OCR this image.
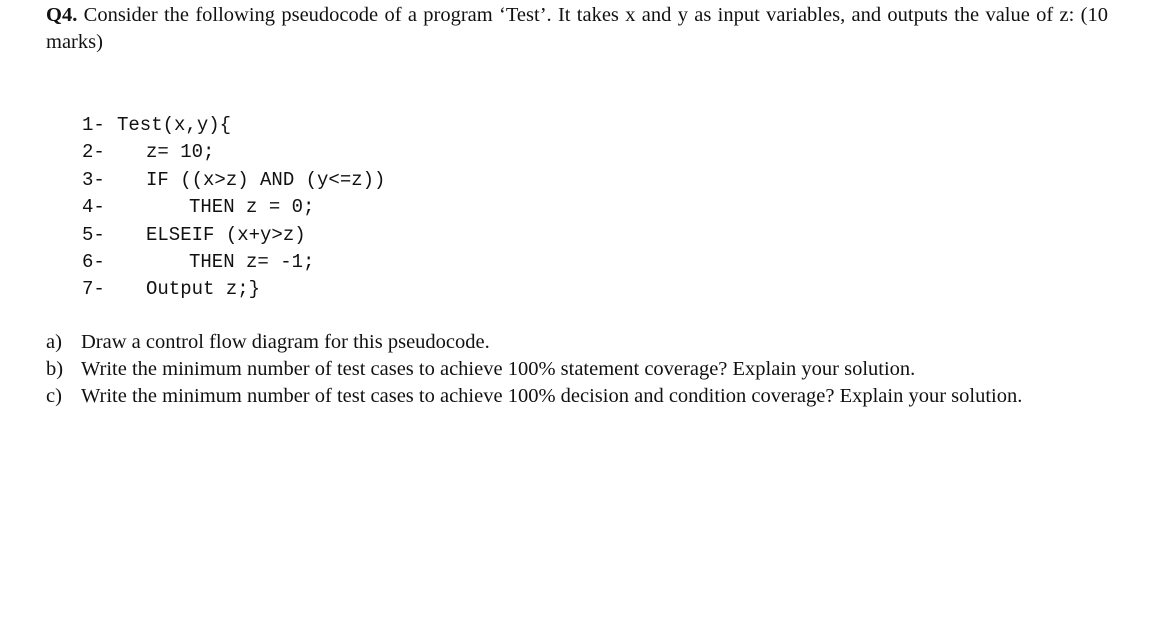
Q4. Consider the following pseudocode of a program ‘Test’. It takes x and y as input variables, and outputs the value of z: (10 marks)

1-

Test(x,y){

2-

z= 10;

3-

IF ((x>z) AND (y<=z))

4-

	THEN z = 0;

5-

ELSEIF (x+y>z)

6-

	THEN z= -1;

7-

Output z;}

a) Draw a control flow diagram for this pseudocode.
b) Write the minimum number of test cases to achieve 100% statement coverage? Explain your solution.
c) Write the minimum number of test cases to achieve 100% decision and condition coverage? Explain your solution.
